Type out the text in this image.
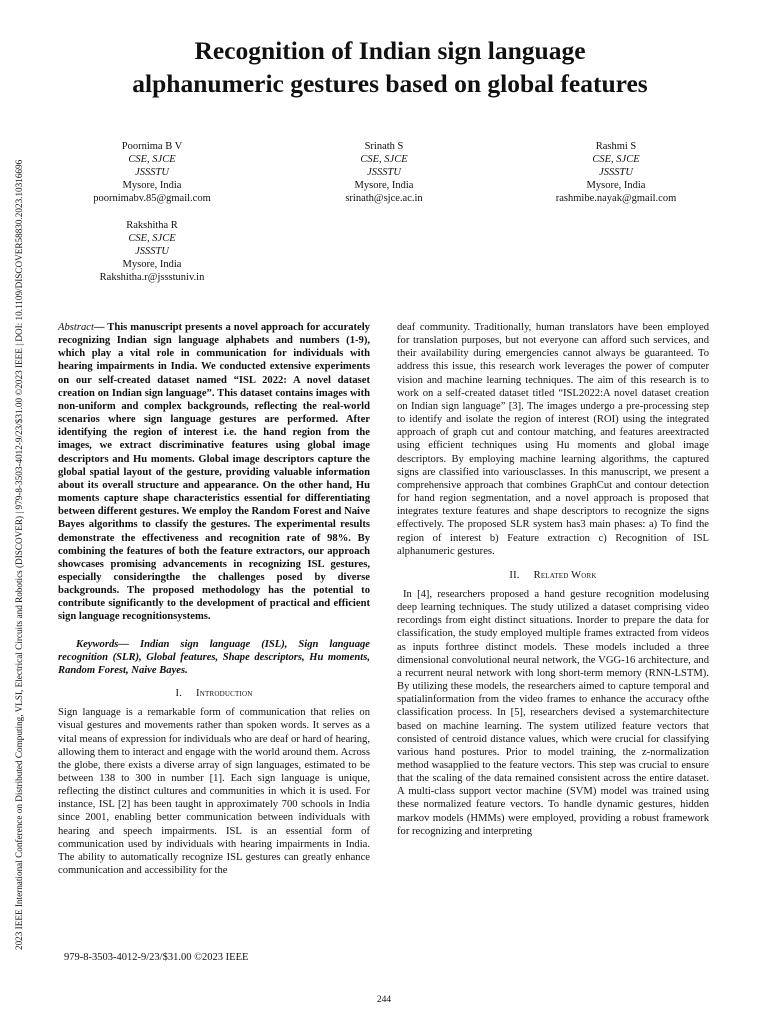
Recognition of Indian sign language
alphanumeric gestures based on global features
Poornima B V
CSE, SJCE
JSSSTU
Mysore, India
poornimabv.85@gmail.com
Srinath S
CSE, SJCE
JSSSTU
Mysore, India
srinath@sjce.ac.in
Rashmi S
CSE, SJCE
JSSSTU
Mysore, India
rashmibe.nayak@gmail.com
Rakshitha R
CSE, SJCE
JSSSTU
Mysore, India
Rakshitha.r@jssstuniv.in
2023 IEEE International Conference on Distributed Computing, VLSI, Electrical Circuits and Robotics (DISCOVER) | 979-8-3503-4012-9/23/$31.00 ©2023 IEEE | DOI: 10.1109/DISCOVER58830.2023.10316696	Abstract— This manuscript presents a novel approach for accurately recognizing Indian sign language alphabets and numbers (1-9), which play a vital role in communication for individuals with hearing impairments in India. We conducted extensive experiments on our self-created dataset named “ISL 2022: A novel dataset creation on Indian sign language”. This dataset contains images with non-uniform and complex backgrounds, reflecting the real-world scenarios where sign language gestures are performed. After identifying the region of interest i.e. the hand region from the images, we extract discriminative features using global image descriptors and Hu moments. Global image descriptors capture the global spatial layout of the gesture, providing valuable information about its overall structure and appearance. On the other hand, Hu moments capture shape characteristics essential for differentiating between different gestures. We employ the Random Forest and Naive Bayes algorithms to classify the gestures. The experimental results demonstrate the effectiveness and recognition rate of 98%. By combining the features of both the feature extractors, our approach showcases promising advancements in recognizing ISL gestures, especially consideringthe the challenges posed by diverse backgrounds. The proposed methodology has the potential to contribute significantly to the development of practical and efficient sign language recognitionsystems.

Keywords— Indian sign language (ISL), Sign language recognition (SLR), Global features, Shape descriptors, Hu moments, Random Forest, Naive Bayes.

I. Introduction

Sign language is a remarkable form of communication that relies on visual gestures and movements rather than spoken words. It serves as a vital means of expression for individuals who are deaf or hard of hearing, allowing them to interact and engage with the world around them. Across the globe, there exists a diverse array of sign languages, estimated to be between 138 to 300 in number [1]. Each sign language is unique, reflecting the distinct cultures and communities in which it is used. For instance, ISL [2] has been taught in approximately 700 schools in India since 2001, enabling better communication between individuals with hearing and speech impairments. ISL is an essential form of communication used by individuals with hearing impairments in India. The ability to automatically recognize ISL gestures can greatly enhance communication and accessibility for the

deaf community. Traditionally, human translators have been employed for translation purposes, but not everyone can afford such services, and their availability during emergencies cannot always be guaranteed. To address this issue, this research work leverages the power of computer vision and machine learning techniques. The aim of this research is to work on a self-created dataset titled “ISL2022:A novel dataset creation on Indian sign language” [3]. The images undergo a pre-processing step to identify and isolate the region of interest (ROI) using the integrated approach of graph cut and contour matching, and features areextracted using efficient techniques using Hu moments and global image descriptors. By employing machine learning algorithms, the captured signs are classified into variousclasses. In this manuscript, we present a comprehensive approach that combines GraphCut and contour detection for hand region segmentation, and a novel approach is proposed that integrates texture features and shape descriptors to recognize the signs effectively. The proposed SLR system has3 main phases: a) To find the region of interest b) Feature extraction c) Recognition of ISL alphanumeric gestures.

II. Related Work

In [4], researchers proposed a hand gesture recognition modelusing deep learning techniques. The study utilized a dataset comprising video recordings from eight distinct situations. Inorder to prepare the data for classification, the study employed multiple frames extracted from videos as inputs forthree distinct models. These models included a three dimensional convolutional neural network, the VGG-16 architecture, and a recurrent neural network with long short-term memory (RNN-LSTM). By utilizing these models, the researchers aimed to capture temporal and spatialinformation from the video frames to enhance the accuracy ofthe classification process. In [5], researchers devised a systemarchitecture based on machine learning. The system utilized feature vectors that consisted of centroid distance values, which were crucial for classifying various hand postures. Prior to model training, the z-normalization method wasapplied to the feature vectors. This step was crucial to ensure that the scaling of the data remained consistent across the entire dataset. A multi-class support vector machine (SVM) model was trained using these normalized feature vectors. To handle dynamic gestures, hidden markov models (HMMs) were employed, providing a robust framework for recognizing and interpreting

979-8-3503-4012-9/23/$31.00 ©2023 IEEE
244
